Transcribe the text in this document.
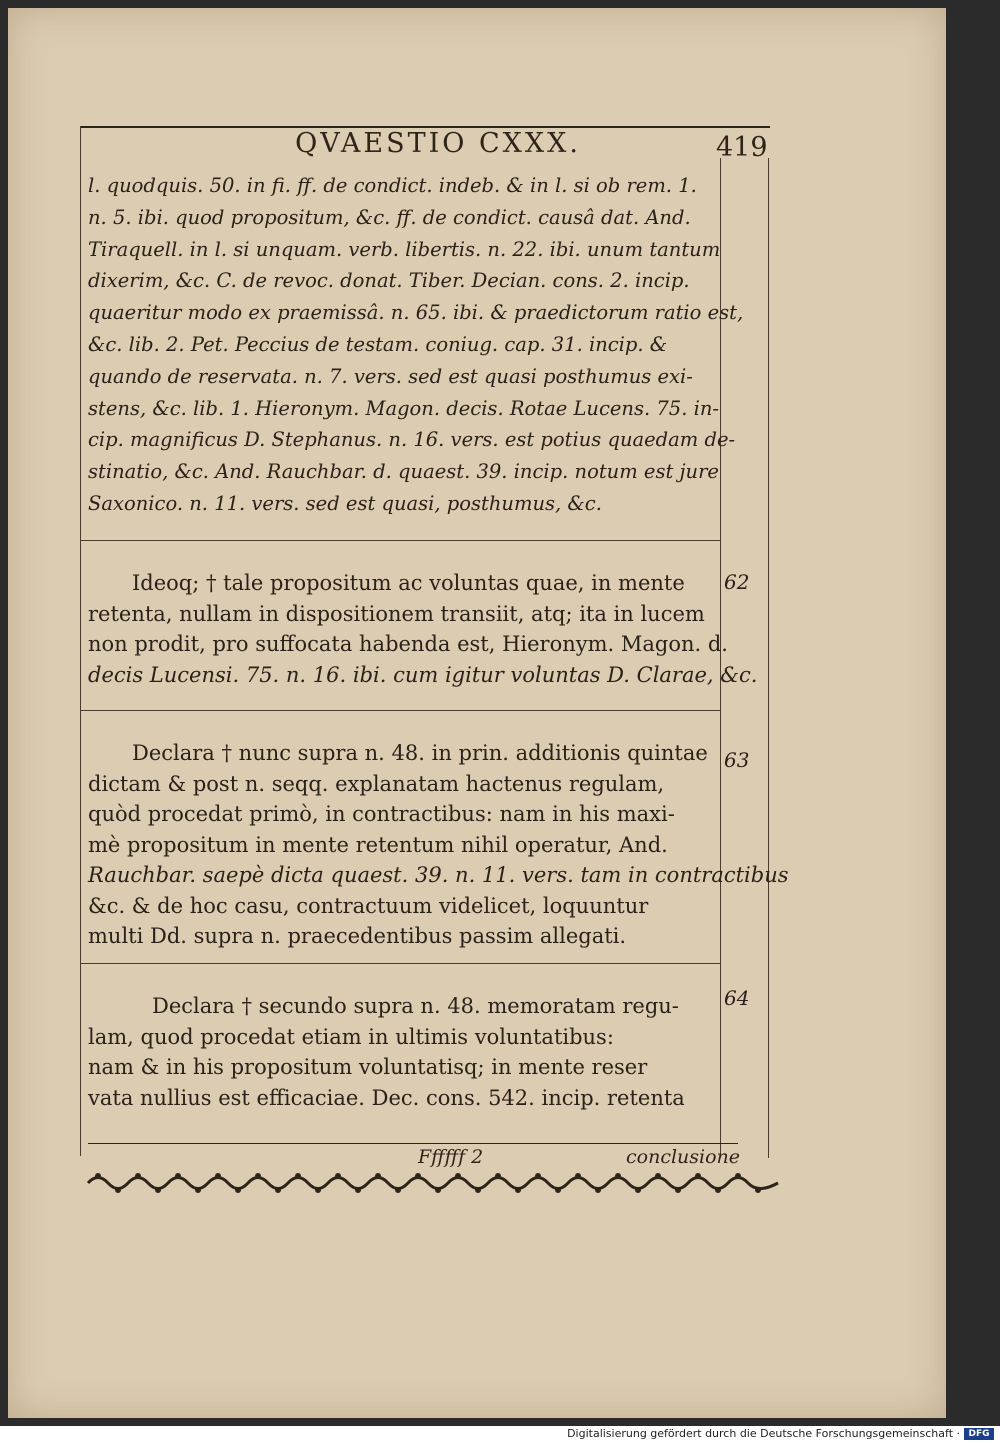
QVAESTIO CXXX.	419
l. quodquis. 50. in fi. ff. de condict. indeb. & in l. si ob rem. 1.
n. 5. ibi. quod propositum, &c. ff. de condict. causâ dat. And.
Tiraquell. in l. si unquam. verb. libertis. n. 22. ibi. unum tantum
dixerim, &c. C. de revoc. donat. Tiber. Decian. cons. 2. incip.
quaeritur modo ex praemissâ. n. 65. ibi. & praedictorum ratio est,
&c. lib. 2. Pet. Peccius de testam. coniug. cap. 31. incip. &
quando de reservata. n. 7. vers. sed est quasi posthumus exi-
stens, &c. lib. 1. Hieronym. Magon. decis. Rotae Lucens. 75. in-
cip. magnificus D. Stephanus. n. 16. vers. est potius quaedam de-
stinatio, &c. And. Rauchbar. d. quaest. 39. incip. notum est jure
Saxonico. n. 11. vers. sed est quasi, posthumus, &c.
62
Ideoq; † tale propositum ac voluntas quae, in mente
retenta, nullam in dispositionem transiit, atq; ita in lucem
non prodit, pro suffocata habenda est, Hieronym. Magon. d.
decis Lucensi. 75. n. 16. ibi. cum igitur voluntas D. Clarae, &c.
63
Declara † nunc supra n. 48. in prin. additionis quintae
dictam & post n. seqq. explanatam hactenus regulam,
quòd procedat primò, in contractibus: nam in his maxi-
mè propositum in mente retentum nihil operatur, And.
Rauchbar. saepè dicta quaest. 39. n. 11. vers. tam in contractibus
&c. & de hoc casu, contractuum videlicet, loquuntur
multi Dd. supra n. praecedentibus passim allegati.
64
Declara † secundo supra n. 48. memoratam regu-
lam, quod procedat etiam in ultimis voluntatibus:
nam & in his propositum voluntatisq; in mente reser
vata nullius est efficaciae. Dec. cons. 542. incip. retenta
Ffffff 2	conclusione
Digitalisierung gefördert durch die Deutsche Forschungsgemeinschaft · DFG
